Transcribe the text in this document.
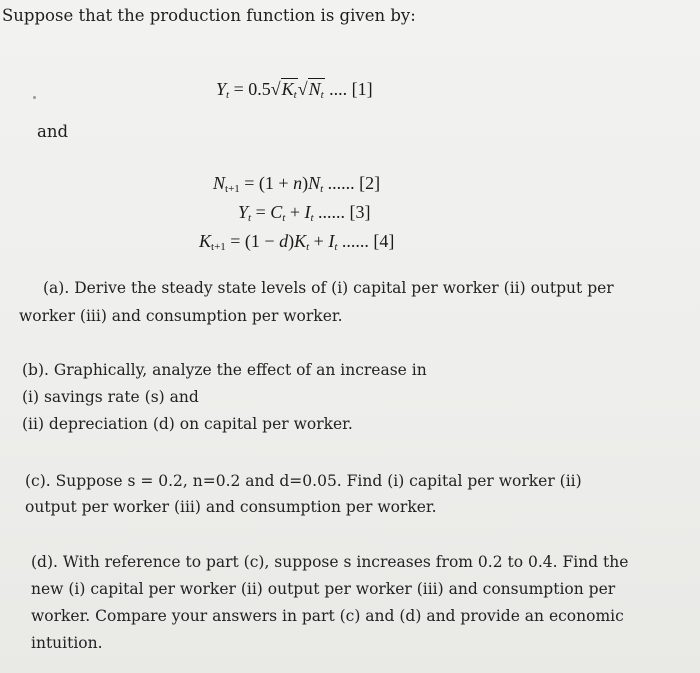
Suppose that the production function is given by:
$Y_t = 0.5√K_t√N_t$ .... [1]
and
$N_{t+1} = (1 + n)N_t$ ...... [2]
$Y_t = C_t + I_t$ ...... [3]
$K_{t+1} = (1 - d)K_t + I_t$ ...... [4]
(a). Derive the steady state levels of (i) capital per worker (ii) output per
worker (iii) and consumption per worker.
(b). Graphically, analyze the effect of an increase in
(i) savings rate (s) and
(ii) depreciation (d) on capital per worker.
(c). Suppose s = 0.2, n=0.2 and d=0.05. Find (i) capital per worker (ii)
output per worker (iii) and consumption per worker.
(d). With reference to part (c), suppose s increases from 0.2 to 0.4. Find the
new (i) capital per worker (ii) output per worker (iii) and consumption per
worker. Compare your answers in part (c) and (d) and provide an economic
intuition.
